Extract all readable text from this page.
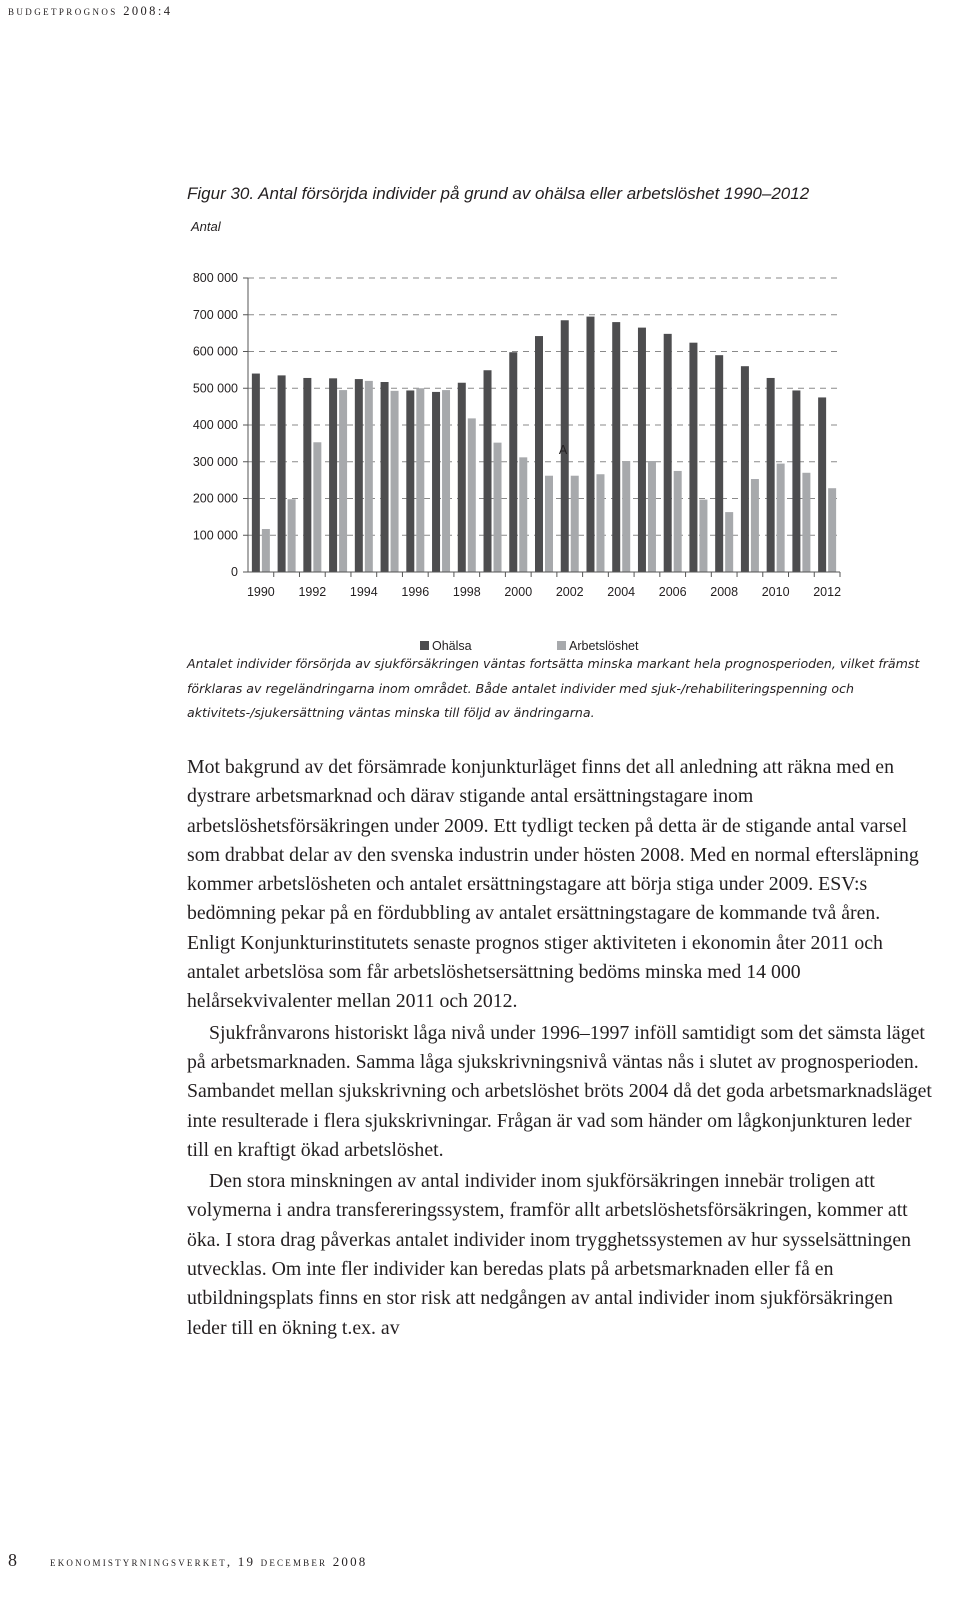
budgetprognos 2008:4
Figur 30. Antal försörjda individer på grund av ohälsa eller arbetslöshet 1990–2012
Antal
0
100 000
200 000
300 000
400 000
500 000
600 000
700 000
800 000
1990 1992 1994 1996 1998 2000 2002 2004 2006 2008 2010 2012
A
Ohälsa	Arbetslöshet
Antalet individer försörjda av sjukförsäkringen väntas fortsätta minska markant hela prognosperioden, vilket främst förklaras av regeländringarna inom området. Både antalet individer med sjuk-/rehabiliteringspenning och aktivitets-/sjukersättning väntas minska till följd av ändringarna.

Mot bakgrund av det försämrade konjunkturläget finns det all anledning att räkna med en dystrare arbetsmarknad och därav stigande antal ersättningstagare inom arbetslöshetsförsäkringen under 2009. Ett tydligt tecken på detta är de stigande antal varsel som drabbat delar av den svenska industrin under hösten 2008. Med en normal eftersläpning kommer arbetslösheten och antalet ersättningstagare att börja stiga under 2009. ESV:s bedömning pekar på en fördubbling av antalet ersättningstagare de kommande två åren. Enligt Konjunkturinstitutets senaste prognos stiger aktiviteten i ekonomin åter 2011 och antalet arbetslösa som får arbetslöshetsersättning bedöms minska med 14 000 helårsekvivalenter mellan 2011 och 2012.

Sjukfrånvarons historiskt låga nivå under 1996–1997 inföll samtidigt som det sämsta läget på arbetsmarknaden. Samma låga sjukskrivningsnivå väntas nås i slutet av prognosperioden. Sambandet mellan sjukskrivning och arbetslöshet bröts 2004 då det goda arbetsmarknadsläget inte resulterade i flera sjukskrivningar. Frågan är vad som händer om lågkonjunkturen leder till en kraftigt ökad arbetslöshet.

Den stora minskningen av antal individer inom sjukförsäkringen innebär troligen att volymerna i andra transfereringssystem, framför allt arbetslöshetsförsäkringen, kommer att öka. I stora drag påverkas antalet individer inom trygghetssystemen av hur sysselsättningen utvecklas. Om inte fler individer kan beredas plats på arbetsmarknaden eller få en utbildningsplats finns en stor risk att nedgången av antal individer inom sjukförsäkringen leder till en ökning t.ex. av

8	ekonomistyrningsverket, 19 december 2008
